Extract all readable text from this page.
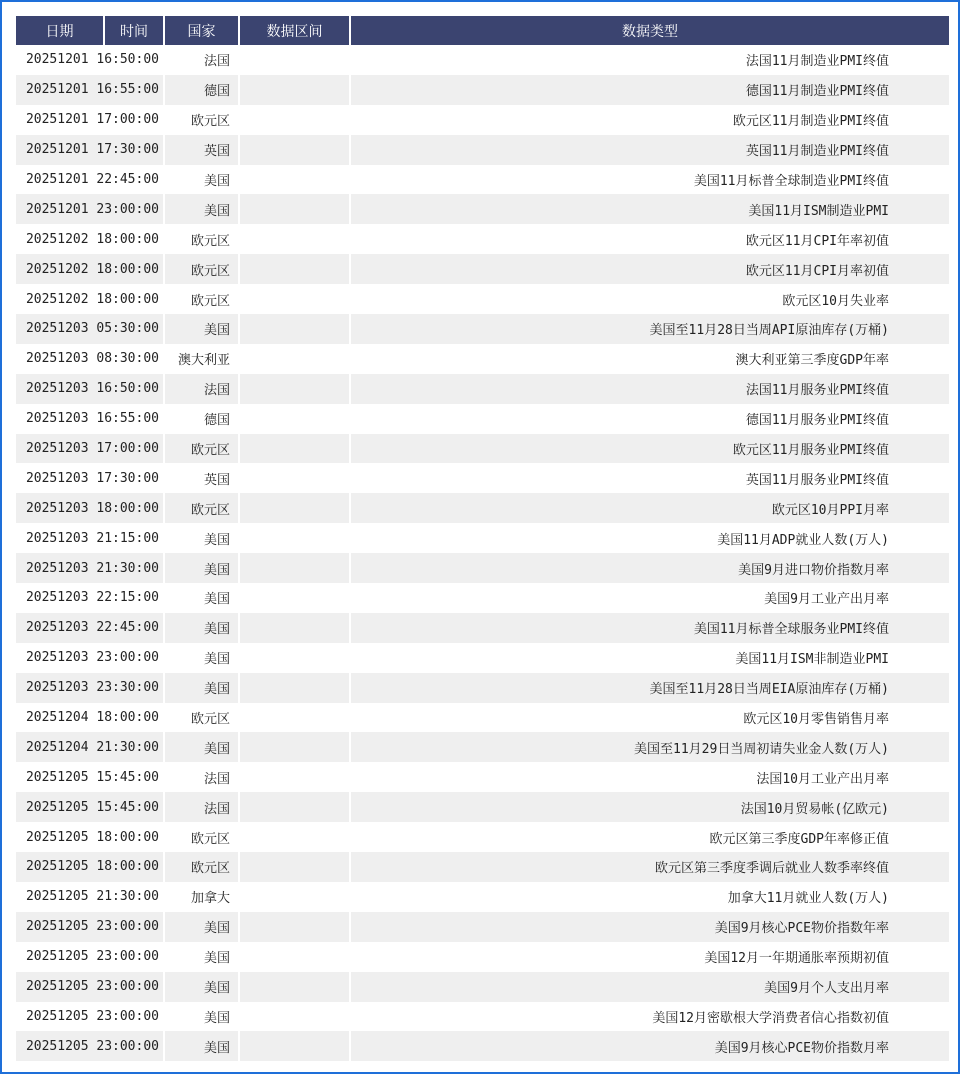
日期	时间	国家	数据区间	数据类型
20251201 16:50:00		法国		法国11月制造业PMI终值
20251201 16:55:00		德国		德国11月制造业PMI终值
20251201 17:00:00		欧元区		欧元区11月制造业PMI终值
20251201 17:30:00		英国		英国11月制造业PMI终值
20251201 22:45:00		美国		美国11月标普全球制造业PMI终值
20251201 23:00:00		美国		美国11月ISM制造业PMI
20251202 18:00:00		欧元区		欧元区11月CPI年率初值
20251202 18:00:00		欧元区		欧元区11月CPI月率初值
20251202 18:00:00		欧元区		欧元区10月失业率
20251203 05:30:00		美国		美国至11月28日当周API原油库存(万桶)
20251203 08:30:00		澳大利亚		澳大利亚第三季度GDP年率
20251203 16:50:00		法国		法国11月服务业PMI终值
20251203 16:55:00		德国		德国11月服务业PMI终值
20251203 17:00:00		欧元区		欧元区11月服务业PMI终值
20251203 17:30:00		英国		英国11月服务业PMI终值
20251203 18:00:00		欧元区		欧元区10月PPI月率
20251203 21:15:00		美国		美国11月ADP就业人数(万人)
20251203 21:30:00		美国		美国9月进口物价指数月率
20251203 22:15:00		美国		美国9月工业产出月率
20251203 22:45:00		美国		美国11月标普全球服务业PMI终值
20251203 23:00:00		美国		美国11月ISM非制造业PMI
20251203 23:30:00		美国		美国至11月28日当周EIA原油库存(万桶)
20251204 18:00:00		欧元区		欧元区10月零售销售月率
20251204 21:30:00		美国		美国至11月29日当周初请失业金人数(万人)
20251205 15:45:00		法国		法国10月工业产出月率
20251205 15:45:00		法国		法国10月贸易帐(亿欧元)
20251205 18:00:00		欧元区		欧元区第三季度GDP年率修正值
20251205 18:00:00		欧元区		欧元区第三季度季调后就业人数季率终值
20251205 21:30:00		加拿大		加拿大11月就业人数(万人)
20251205 23:00:00		美国		美国9月核心PCE物价指数年率
20251205 23:00:00		美国		美国12月一年期通胀率预期初值
20251205 23:00:00		美国		美国9月个人支出月率
20251205 23:00:00		美国		美国12月密歇根大学消费者信心指数初值
20251205 23:00:00		美国		美国9月核心PCE物价指数月率
